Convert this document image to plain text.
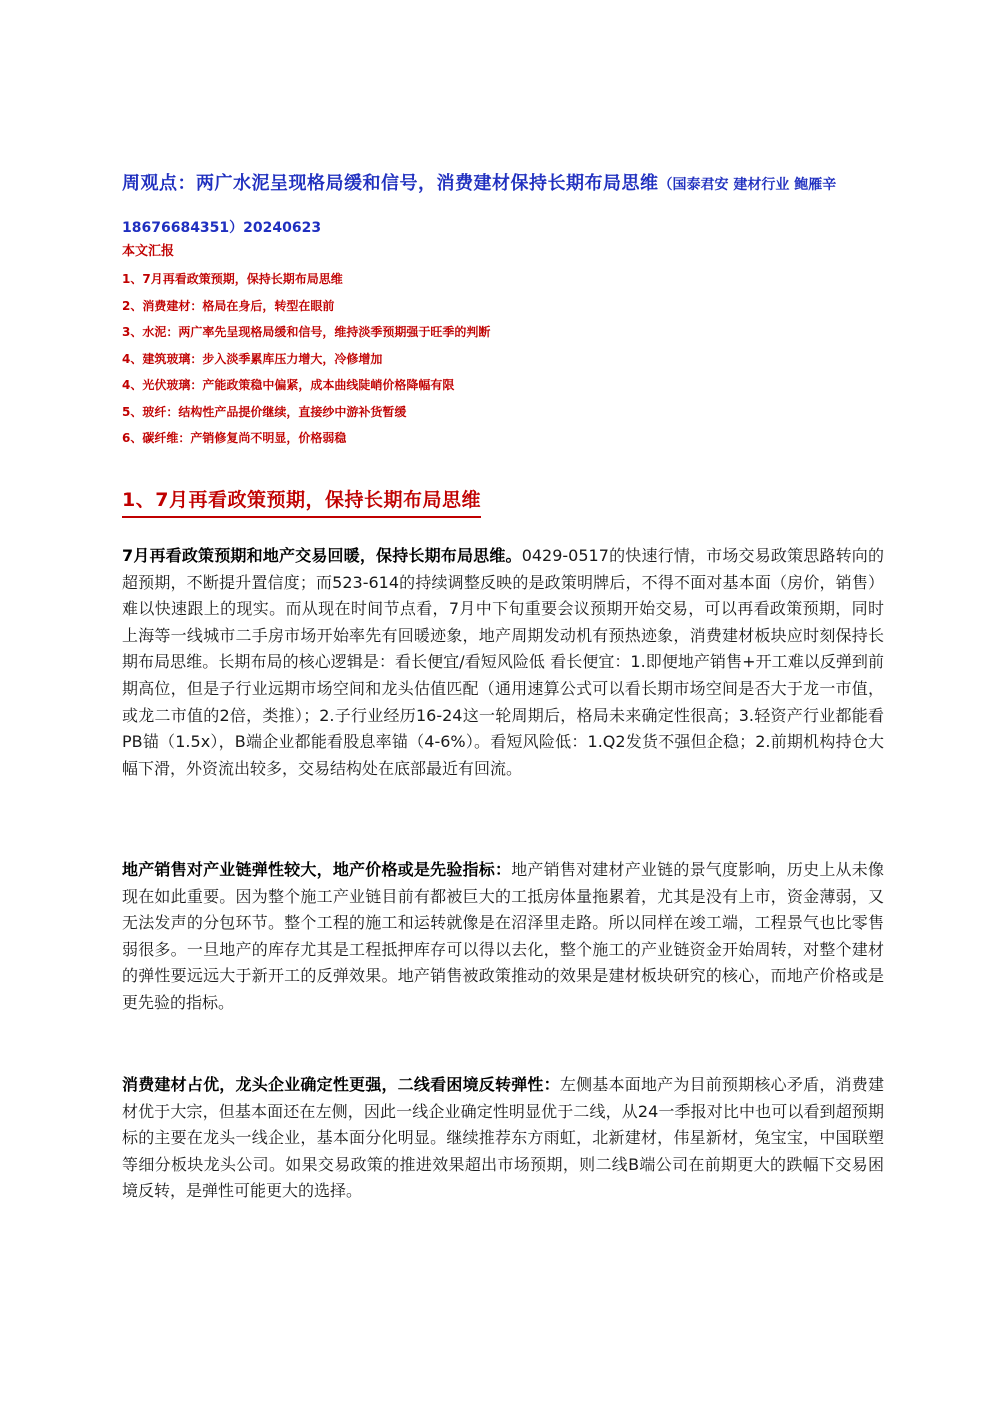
周观点：两广水泥呈现格局缓和信号，消费建材保持长期布局思维（国泰君安 建材行业 鲍雁辛 18676684351）20240623
本文汇报
1、7月再看政策预期，保持长期布局思维
2、消费建材：格局在身后，转型在眼前
3、水泥：两广率先呈现格局缓和信号，维持淡季预期强于旺季的判断
4、建筑玻璃：步入淡季累库压力增大，冷修增加
4、光伏玻璃：产能政策稳中偏紧，成本曲线陡峭价格降幅有限
5、玻纤：结构性产品提价继续，直接纱中游补货暂缓
6、碳纤维：产销修复尚不明显，价格弱稳
1、7月再看政策预期，保持长期布局思维

7月再看政策预期和地产交易回暖，保持长期布局思维。0429-0517的快速行情，市场交易政策思路转向的超预期，不断提升置信度；而523-614的持续调整反映的是政策明牌后，不得不面对基本面（房价，销售）难以快速跟上的现实。而从现在时间节点看，7月中下旬重要会议预期开始交易，可以再看政策预期，同时上海等一线城市二手房市场开始率先有回暖迹象，地产周期发动机有预热迹象，消费建材板块应时刻保持长期布局思维。长期布局的核心逻辑是：看长便宜/看短风险低 看长便宜：1.即便地产销售+开工难以反弹到前期高位，但是子行业远期市场空间和龙头估值匹配（通用速算公式可以看长期市场空间是否大于龙一市值，或龙二市值的2倍，类推）；2.子行业经历16-24这一轮周期后，格局未来确定性很高；3.轻资产行业都能看PB锚（1.5x），B端企业都能看股息率锚（4-6%）。看短风险低：1.Q2发货不强但企稳；2.前期机构持仓大幅下滑，外资流出较多，交易结构处在底部最近有回流。

地产销售对产业链弹性较大，地产价格或是先验指标：地产销售对建材产业链的景气度影响，历史上从未像现在如此重要。因为整个施工产业链目前有都被巨大的工抵房体量拖累着，尤其是没有上市，资金薄弱，又无法发声的分包环节。整个工程的施工和运转就像是在沼泽里走路。所以同样在竣工端，工程景气也比零售弱很多。一旦地产的库存尤其是工程抵押库存可以得以去化，整个施工的产业链资金开始周转，对整个建材的弹性要远远大于新开工的反弹效果。地产销售被政策推动的效果是建材板块研究的核心，而地产价格或是更先验的指标。

消费建材占优，龙头企业确定性更强，二线看困境反转弹性：左侧基本面地产为目前预期核心矛盾，消费建材优于大宗，但基本面还在左侧，因此一线企业确定性明显优于二线，从24一季报对比中也可以看到超预期标的主要在龙头一线企业，基本面分化明显。继续推荐东方雨虹，北新建材，伟星新材，兔宝宝，中国联塑等细分板块龙头公司。如果交易政策的推进效果超出市场预期，则二线B端公司在前期更大的跌幅下交易困境反转，是弹性可能更大的选择。
